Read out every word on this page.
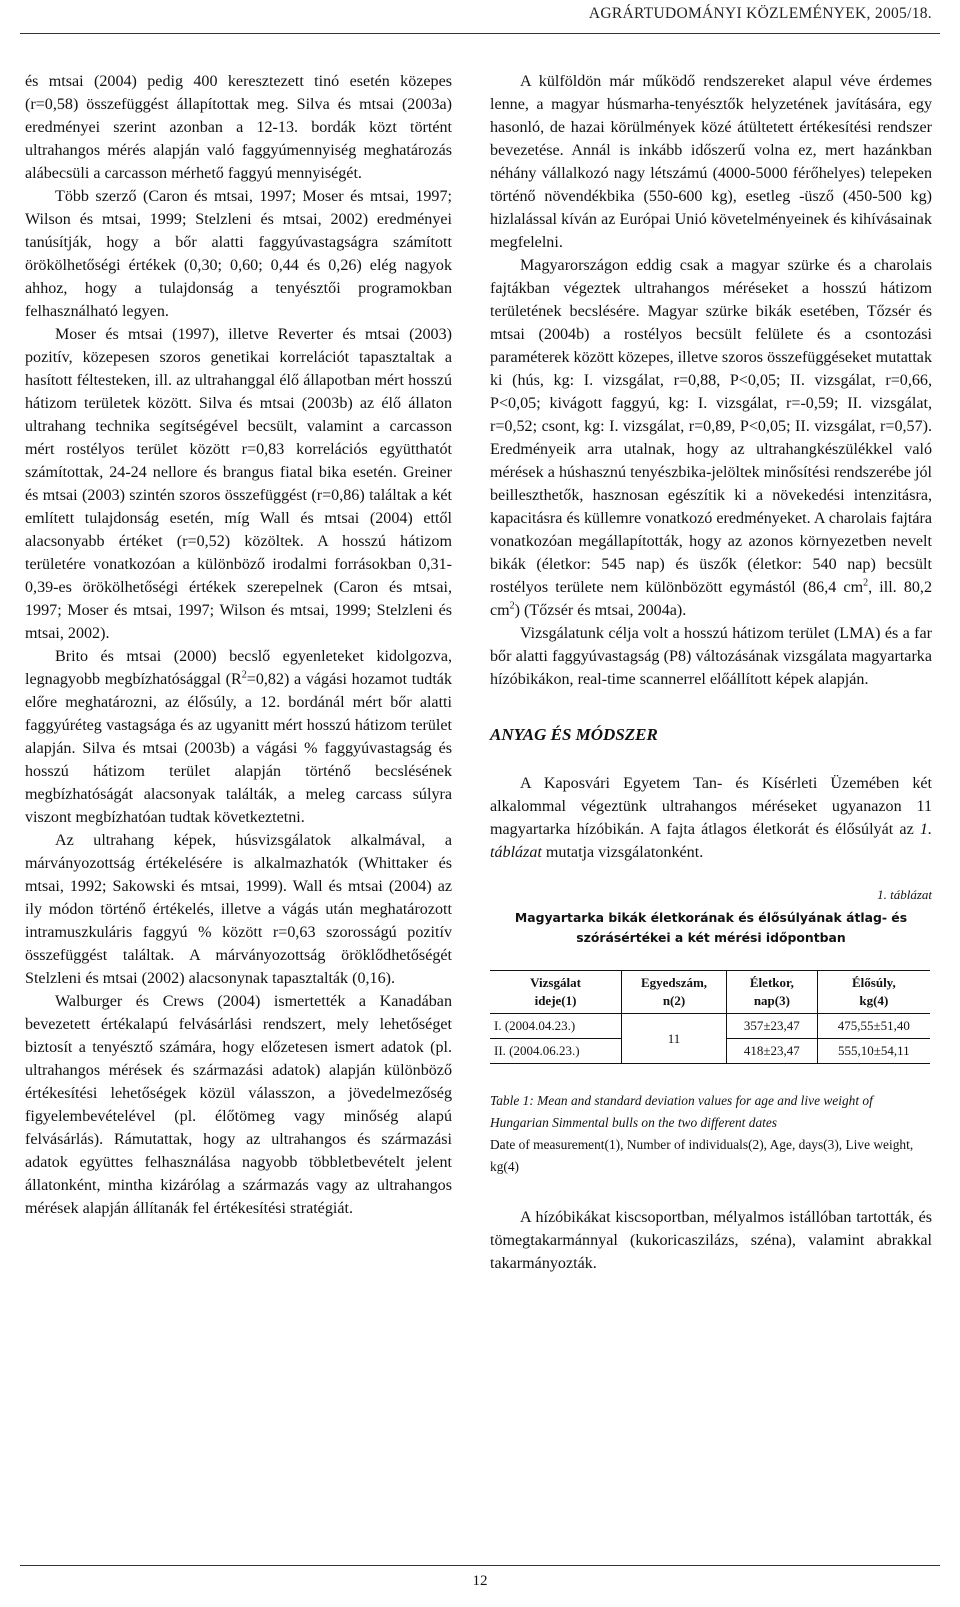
AGRÁRTUDOMÁNYI KÖZLEMÉNYEK, 2005/18.

és mtsai (2004) pedig 400 keresztezett tinó esetén közepes (r=0,58) összefüggést állapítottak meg. Silva és mtsai (2003a) eredményei szerint azonban a 12-13. bordák közt történt ultrahangos mérés alapján való faggyúmennyiség meghatározás alábecsüli a carcasson mérhető faggyú mennyiségét.

Több szerző (Caron és mtsai, 1997; Moser és mtsai, 1997; Wilson és mtsai, 1999; Stelzleni és mtsai, 2002) eredményei tanúsítják, hogy a bőr alatti faggyúvastagságra számított örökölhetőségi értékek (0,30; 0,60; 0,44 és 0,26) elég nagyok ahhoz, hogy a tulajdonság a tenyésztői programokban felhasználható legyen.

Moser és mtsai (1997), illetve Reverter és mtsai (2003) pozitív, közepesen szoros genetikai korrelációt tapasztaltak a hasított féltesteken, ill. az ultrahanggal élő állapotban mért hosszú hátizom területek között. Silva és mtsai (2003b) az élő állaton ultrahang technika segítségével becsült, valamint a carcasson mért rostélyos terület között r=0,83 korrelációs együtthatót számítottak, 24-24 nellore és brangus fiatal bika esetén. Greiner és mtsai (2003) szintén szoros összefüggést (r=0,86) találtak a két említett tulajdonság esetén, míg Wall és mtsai (2004) ettől alacsonyabb értéket (r=0,52) közöltek. A hosszú hátizom területére vonatkozóan a különböző irodalmi forrásokban 0,31-0,39-es örökölhetőségi értékek szerepelnek (Caron és mtsai, 1997; Moser és mtsai, 1997; Wilson és mtsai, 1999; Stelzleni és mtsai, 2002).

Brito és mtsai (2000) becslő egyenleteket kidolgozva, legnagyobb megbízhatósággal $(R^2=0,82)$ a vágási hozamot tudták előre meghatározni, az élősúly, a 12. bordánál mért bőr alatti faggyúréteg vastagsága és az ugyanitt mért hosszú hátizom terület alapján. Silva és mtsai (2003b) a vágási % faggyúvastagság és hosszú hátizom terület alapján történő becslésének megbízhatóságát alacsonyak találták, a meleg carcass súlyra viszont megbízhatóan tudtak következtetni.

Az ultrahang képek, húsvizsgálatok alkalmával, a márványozottság értékelésére is alkalmazhatók (Whittaker és mtsai, 1992; Sakowski és mtsai, 1999). Wall és mtsai (2004) az ily módon történő értékelés, illetve a vágás után meghatározott intramuszkuláris faggyú % között r=0,63 szorosságú pozitív összefüggést találtak. A márványozottság öröklődhetőségét Stelzleni és mtsai (2002) alacsonynak tapasztalták (0,16).

Walburger és Crews (2004) ismertették a Kanadában bevezetett értékalapú felvásárlási rendszert, mely lehetőséget biztosít a tenyésztő számára, hogy előzetesen ismert adatok (pl. ultrahangos mérések és származási adatok) alapján különböző értékesítési lehetőségek közül válasszon, a jövedelmezőség figyelembevételével (pl. élőtömeg vagy minőség alapú felvásárlás). Rámutattak, hogy az ultrahangos és származási adatok együttes felhasználása nagyobb többletbevételt jelent állatonként, mintha kizárólag a származás vagy az ultrahangos mérések alapján állítanák fel értékesítési stratégiát.

A külföldön már működő rendszereket alapul véve érdemes lenne, a magyar húsmarha-tenyésztők helyzetének javítására, egy hasonló, de hazai körülmények közé átültetett értékesítési rendszer bevezetése. Annál is inkább időszerű volna ez, mert hazánkban néhány vállalkozó nagy létszámú (4000-5000 férőhelyes) telepeken történő növendékbika (550-600 kg), esetleg -üsző (450-500 kg) hizlalással kíván az Európai Unió követelményeinek és kihívásainak megfelelni.

Magyarországon eddig csak a magyar szürke és a charolais fajtákban végeztek ultrahangos méréseket a hosszú hátizom területének becslésére. Magyar szürke bikák esetében, Tőzsér és mtsai (2004b) a rostélyos becsült felülete és a csontozási paraméterek között közepes, illetve szoros összefüggéseket mutattak ki (hús, kg: I. vizsgálat, r=0,88, P<0,05; II. vizsgálat, r=0,66, P<0,05; kivágott faggyú, kg: I. vizsgálat, r=-0,59; II. vizsgálat, r=0,52; csont, kg: I. vizsgálat, r=0,89, P<0,05; II. vizsgálat, r=0,57). Eredményeik arra utalnak, hogy az ultrahangkészülékkel való mérések a húshasznú tenyészbika-jelöltek minősítési rendszerébe jól beilleszthetők, hasznosan egészítik ki a növekedési intenzitásra, kapacitásra és küllemre vonatkozó eredményeket. A charolais fajtára vonatkozóan megállapították, hogy az azonos környezetben nevelt bikák (életkor: 545 nap) és üszők (életkor: 540 nap) becsült rostélyos területe nem különbözött egymástól (86,4 $cm^2$, ill. 80,2 $cm^2$) (Tőzsér és mtsai, 2004a).

Vizsgálatunk célja volt a hosszú hátizom terület (LMA) és a far bőr alatti faggyúvastagság (P8) változásának vizsgálata magyartarka hízóbikákon, real-time scannerrel előállított képek alapján.

ANYAG ÉS MÓDSZER

A Kaposvári Egyetem Tan- és Kísérleti Üzemében két alkalommal végeztünk ultrahangos méréseket ugyanazon 11 magyartarka hízóbikán. A fajta átlagos életkorát és élősúlyát az 1. táblázat mutatja vizsgálatonként.

1. táblázat

Magyartarka bikák életkorának és élősúlyának átlag- és
szórásértékei a két mérési időpontban

Vizsgálat
ideje(1)	Egyedszám,
n(2)	Életkor,
nap(3)	Élősúly,
kg(4)
I. (2004.04.23.)	11	357±23,47	475,55±51,40
II. (2004.06.23.)		418±23,47	555,10±54,11

Table 1: Mean and standard deviation values for age and live weight of Hungarian Simmental bulls on the two different dates

Date of measurement(1), Number of individuals(2), Age, days(3), Live weight, kg(4)

A hízóbikákat kiscsoportban, mélyalmos istállóban tartották, és tömegtakarmánnyal (kukoricaszilázs, széna), valamint abrakkal takarmányozták.

12
